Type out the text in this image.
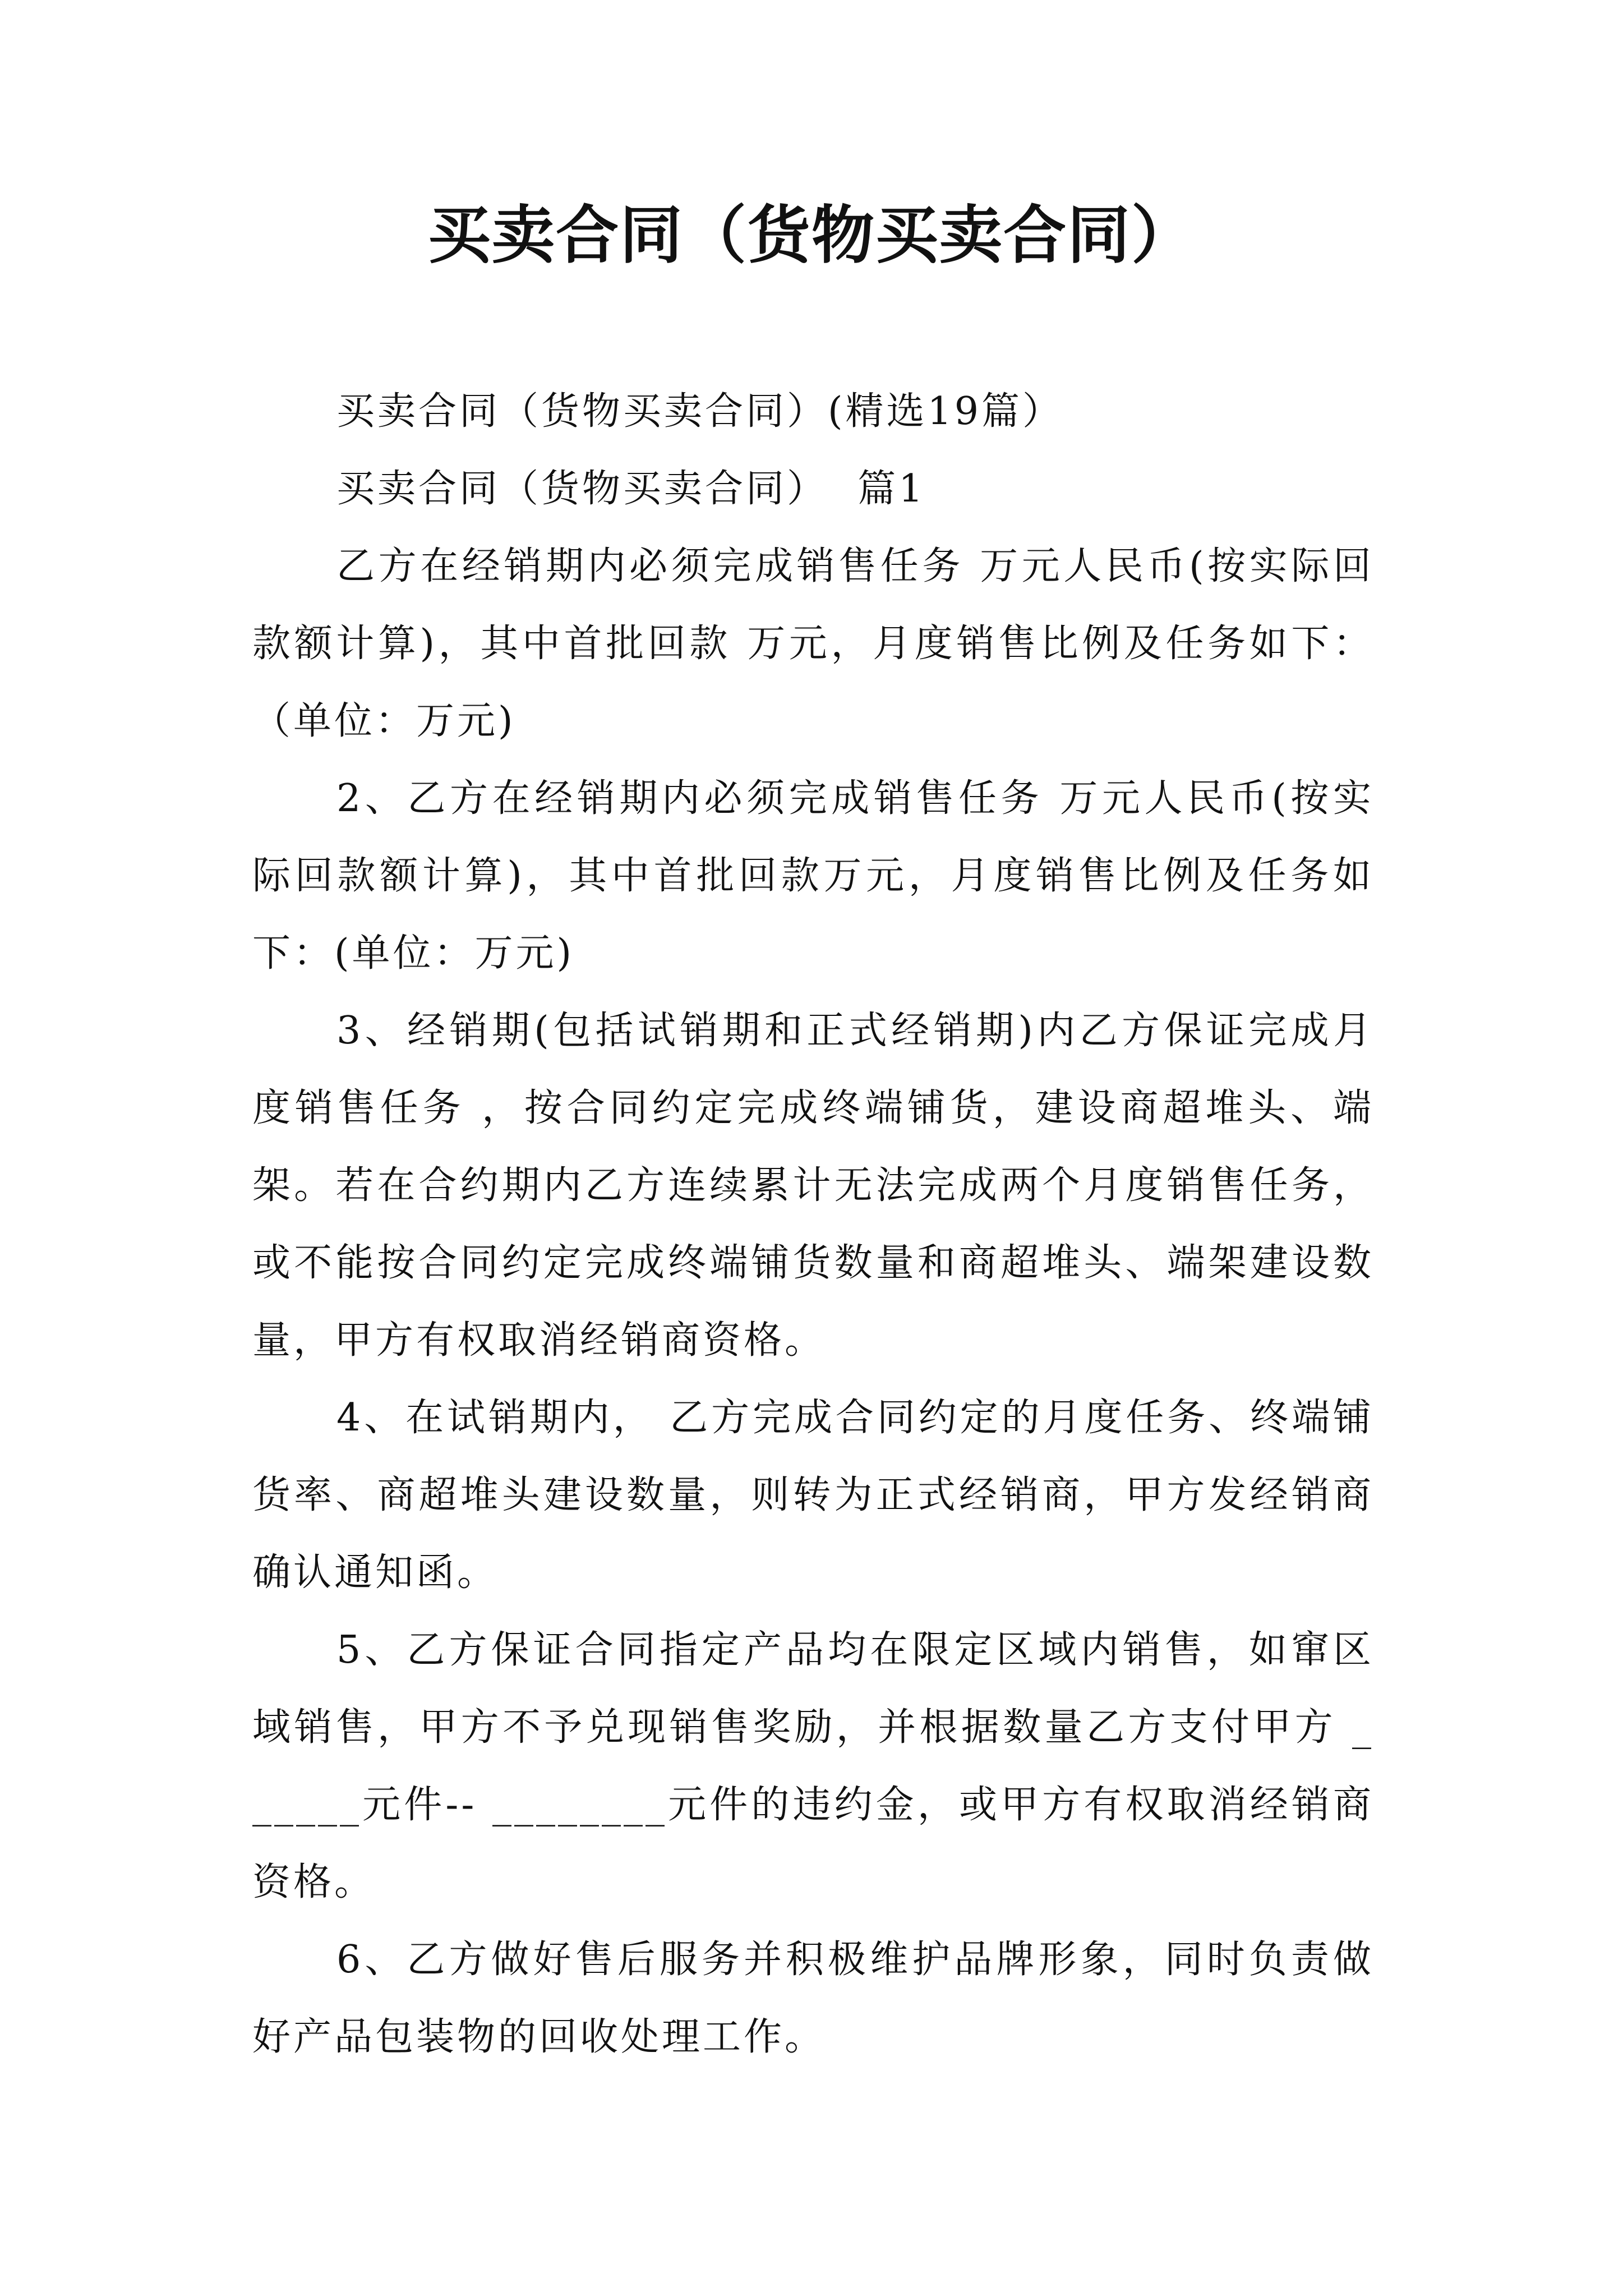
买卖合同（货物买卖合同）

买卖合同（货物买卖合同）(精选19篇）

买卖合同（货物买卖合同）  篇1

乙方在经销期内必须完成销售任务 万元人民币(按实际回款额计算)，其中首批回款 万元，月度销售比例及任务如下：（单位：万元)

2、乙方在经销期内必须完成销售任务 万元人民币(按实际回款额计算)，其中首批回款万元，月度销售比例及任务如下：(单位：万元)

3、经销期(包括试销期和正式经销期)内乙方保证完成月度销售任务 ，按合同约定完成终端铺货，建设商超堆头、端架。若在合约期内乙方连续累计无法完成两个月度销售任务，或不能按合同约定完成终端铺货数量和商超堆头、端架建设数量，甲方有权取消经销商资格。

4、在试销期内， 乙方完成合同约定的月度任务、终端铺货率、商超堆头建设数量，则转为正式经销商，甲方发经销商确认通知函。

5、乙方保证合同指定产品均在限定区域内销售，如窜区域销售，甲方不予兑现销售奖励，并根据数量乙方支付甲方 ______元件-- ________元件的违约金，或甲方有权取消经销商资格。

6、乙方做好售后服务并积极维护品牌形象，同时负责做好产品包装物的回收处理工作。
